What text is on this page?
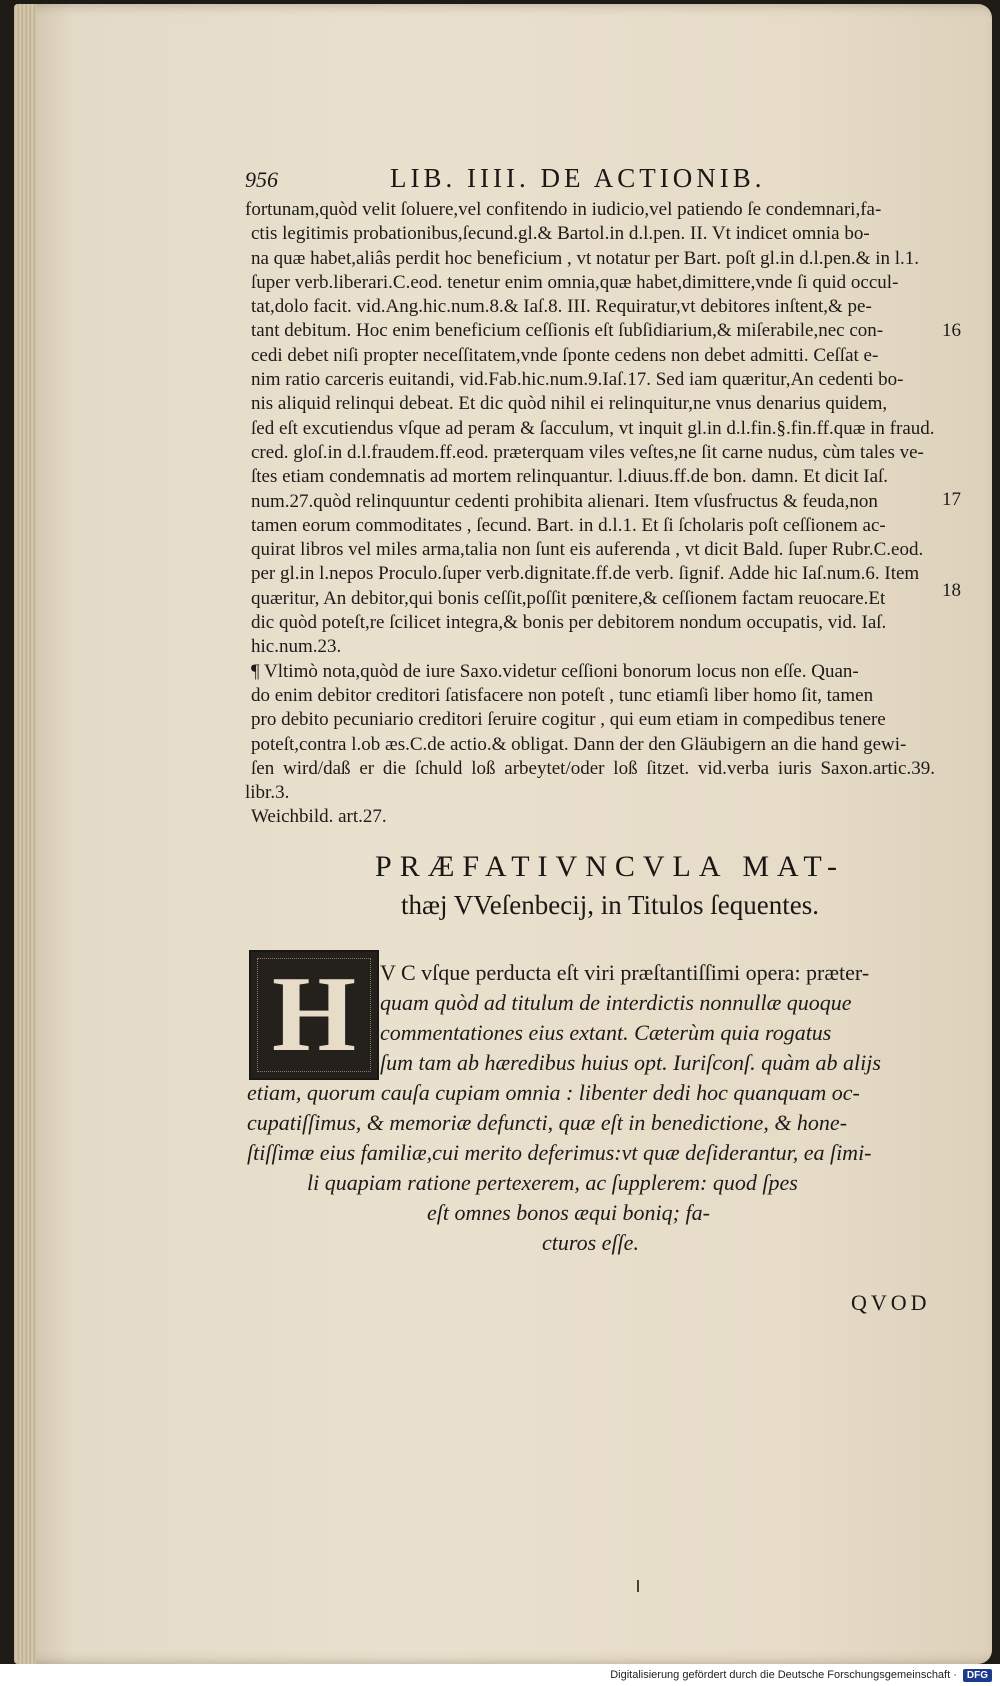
956	LIB. IIII. DE ACTIONIB.

fortunam,quòd velit ſoluere,vel confitendo in iudicio,vel patiendo ſe condemnari,fa-

ctis legitimis probationibus,ſecund.gl.& Bartol.in d.l.pen. II. Vt indicet omnia bo-

na quæ habet,aliâs perdit hoc beneficium , vt notatur per Bart. poſt gl.in d.l.pen.& in l.1.

ſuper verb.liberari.C.eod. tenetur enim omnia,quæ habet,dimittere,vnde ſi quid occul-

tat,dolo facit. vid.Ang.hic.num.8.& Iaſ.8. III. Requiratur,vt debitores inſtent,& pe-

tant debitum. Hoc enim beneficium ceſſionis eſt ſubſidiarium,& miſerabile,nec con-

cedi debet niſi propter neceſſitatem,vnde ſponte cedens non debet admitti. Ceſſat e-

nim ratio carceris euitandi, vid.Fab.hic.num.9.Iaſ.17. Sed iam quæritur,An cedenti bo-

nis aliquid relinqui debeat. Et dic quòd nihil ei relinquitur,ne vnus denarius quidem,

ſed eſt excutiendus vſque ad peram & ſacculum, vt inquit gl.in d.l.fin.§.fin.ff.quæ in fraud.

cred. gloſ.in d.l.fraudem.ff.eod. præterquam viles veſtes,ne ſit carne nudus, cùm tales ve-

ſtes etiam condemnatis ad mortem relinquantur. l.diuus.ff.de bon. damn. Et dicit Iaſ.

num.27.quòd relinquuntur cedenti prohibita alienari. Item vſusfructus & feuda,non

tamen eorum commoditates , ſecund. Bart. in d.l.1. Et ſi ſcholaris poſt ceſſionem ac-

quirat libros vel miles arma,talia non ſunt eis auferenda , vt dicit Bald. ſuper Rubr.C.eod.

per gl.in l.nepos Proculo.ſuper verb.dignitate.ff.de verb. ſignif. Adde hic Iaſ.num.6. Item

quæritur, An debitor,qui bonis ceſſit,poſſit pœnitere,& ceſſionem factam reuocare.Et

dic quòd poteſt,re ſcilicet integra,& bonis per debitorem nondum occupatis, vid. Iaſ.

hic.num.23.

¶ Vltimò nota,quòd de iure Saxo.videtur ceſſioni bonorum locus non eſſe. Quan-

do enim debitor creditori ſatisfacere non poteſt , tunc etiamſi liber homo ſit, tamen

pro debito pecuniario creditori ſeruire cogitur , qui eum etiam in compedibus tenere

poteſt,contra l.ob æs.C.de actio.& obligat. Dann der den Gläubigern an die hand gewi-

ſen wird/daß er die ſchuld loß arbeytet/oder loß ſitzet. vid.verba iuris Saxon.artic.39. libr.3.

Weichbild. art.27.

16
17
18
PRÆFATIVNCVLA MAT-
thæj VVeſenbecij, in Titulos ſequentes.
H V C vſque perducta eſt viri præſtantiſſimi opera: præter-
quam quòd ad titulum de interdictis nonnullæ quoque
commentationes eius extant. Cæterùm quia rogatus
ſum tam ab hæredibus huius opt. Iuriſconſ. quàm ab alijs
etiam, quorum cauſa cupiam omnia : libenter dedi hoc quanquam oc-
cupatiſſimus, & memoriæ defuncti, quæ eſt in benedictione, & hone-
ſtiſſimæ eius familiæ,cui merito deferimus:vt quæ deſiderantur, ea ſimi-
li quapiam ratione pertexerem, ac ſupplerem: quod ſpes
eſt omnes bonos æqui boniq; fa-
cturos eſſe.
QVOD
Digitalisierung gefördert durch die Deutsche Forschungsgemeinschaft ·	DFG
